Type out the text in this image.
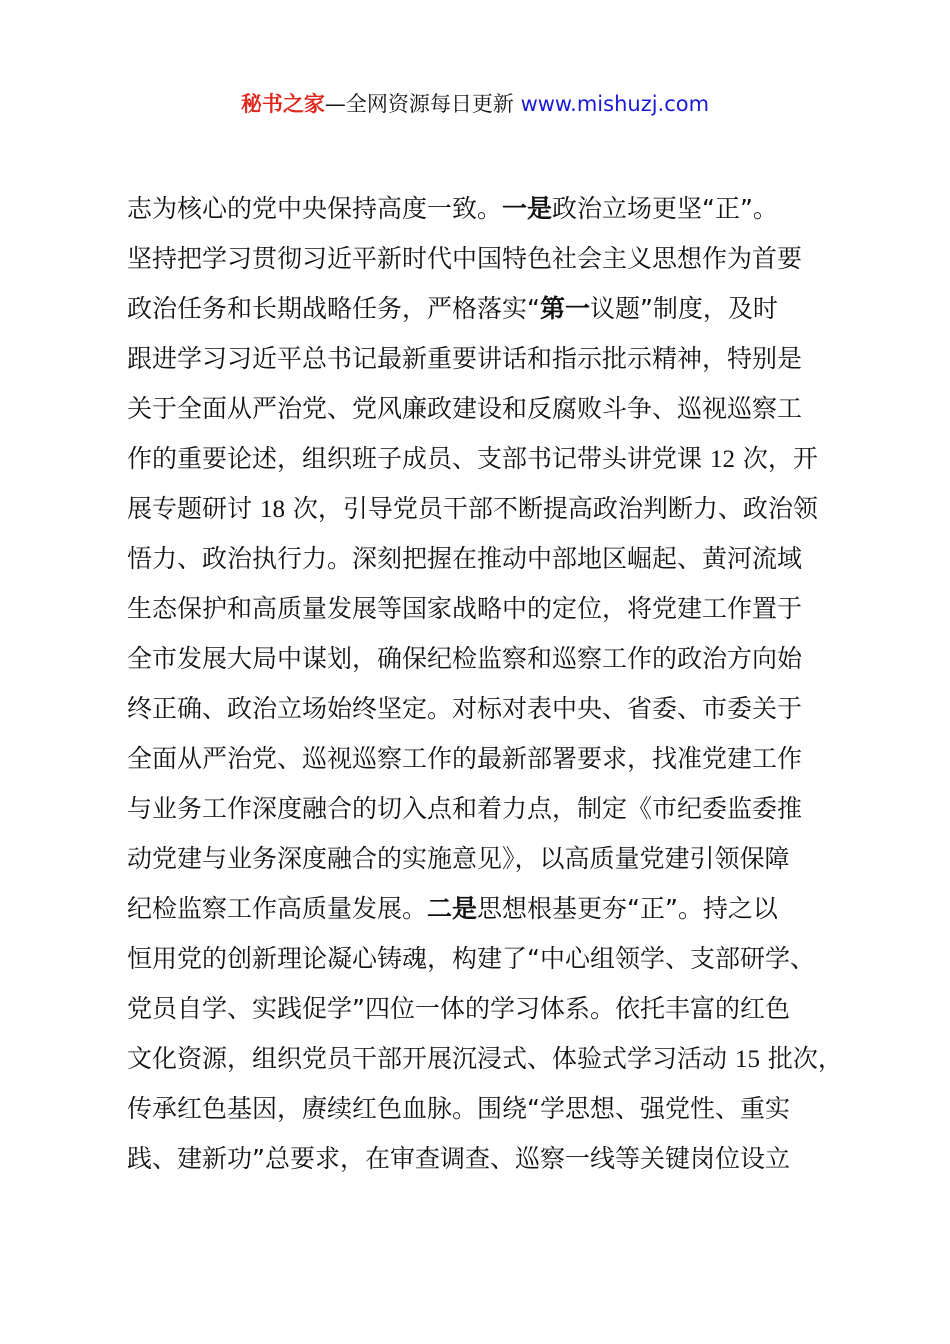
秘书之家—全网资源每日更新 www.mishuzj.com
志为核心的党中央保持高度一致。一是政治立场更坚“正”。
坚持把学习贯彻习近平新时代中国特色社会主义思想作为首要
政治任务和长期战略任务，严格落实“第一议题”制度，及时
跟进学习习近平总书记最新重要讲话和指示批示精神，特别是
关于全面从严治党、党风廉政建设和反腐败斗争、巡视巡察工
作的重要论述，组织班子成员、支部书记带头讲党课 12 次，开
展专题研讨 18 次，引导党员干部不断提高政治判断力、政治领
悟力、政治执行力。深刻把握在推动中部地区崛起、黄河流域
生态保护和高质量发展等国家战略中的定位，将党建工作置于
全市发展大局中谋划，确保纪检监察和巡察工作的政治方向始
终正确、政治立场始终坚定。对标对表中央、省委、市委关于
全面从严治党、巡视巡察工作的最新部署要求，找准党建工作
与业务工作深度融合的切入点和着力点，制定《市纪委监委推
动党建与业务深度融合的实施意见》，以高质量党建引领保障
纪检监察工作高质量发展。二是思想根基更夯“正”。持之以
恒用党的创新理论凝心铸魂，构建了“中心组领学、支部研学、
党员自学、实践促学”四位一体的学习体系。依托丰富的红色
文化资源，组织党员干部开展沉浸式、体验式学习活动 15 批次，
传承红色基因，赓续红色血脉。围绕“学思想、强党性、重实
践、建新功”总要求，在审查调查、巡察一线等关键岗位设立
